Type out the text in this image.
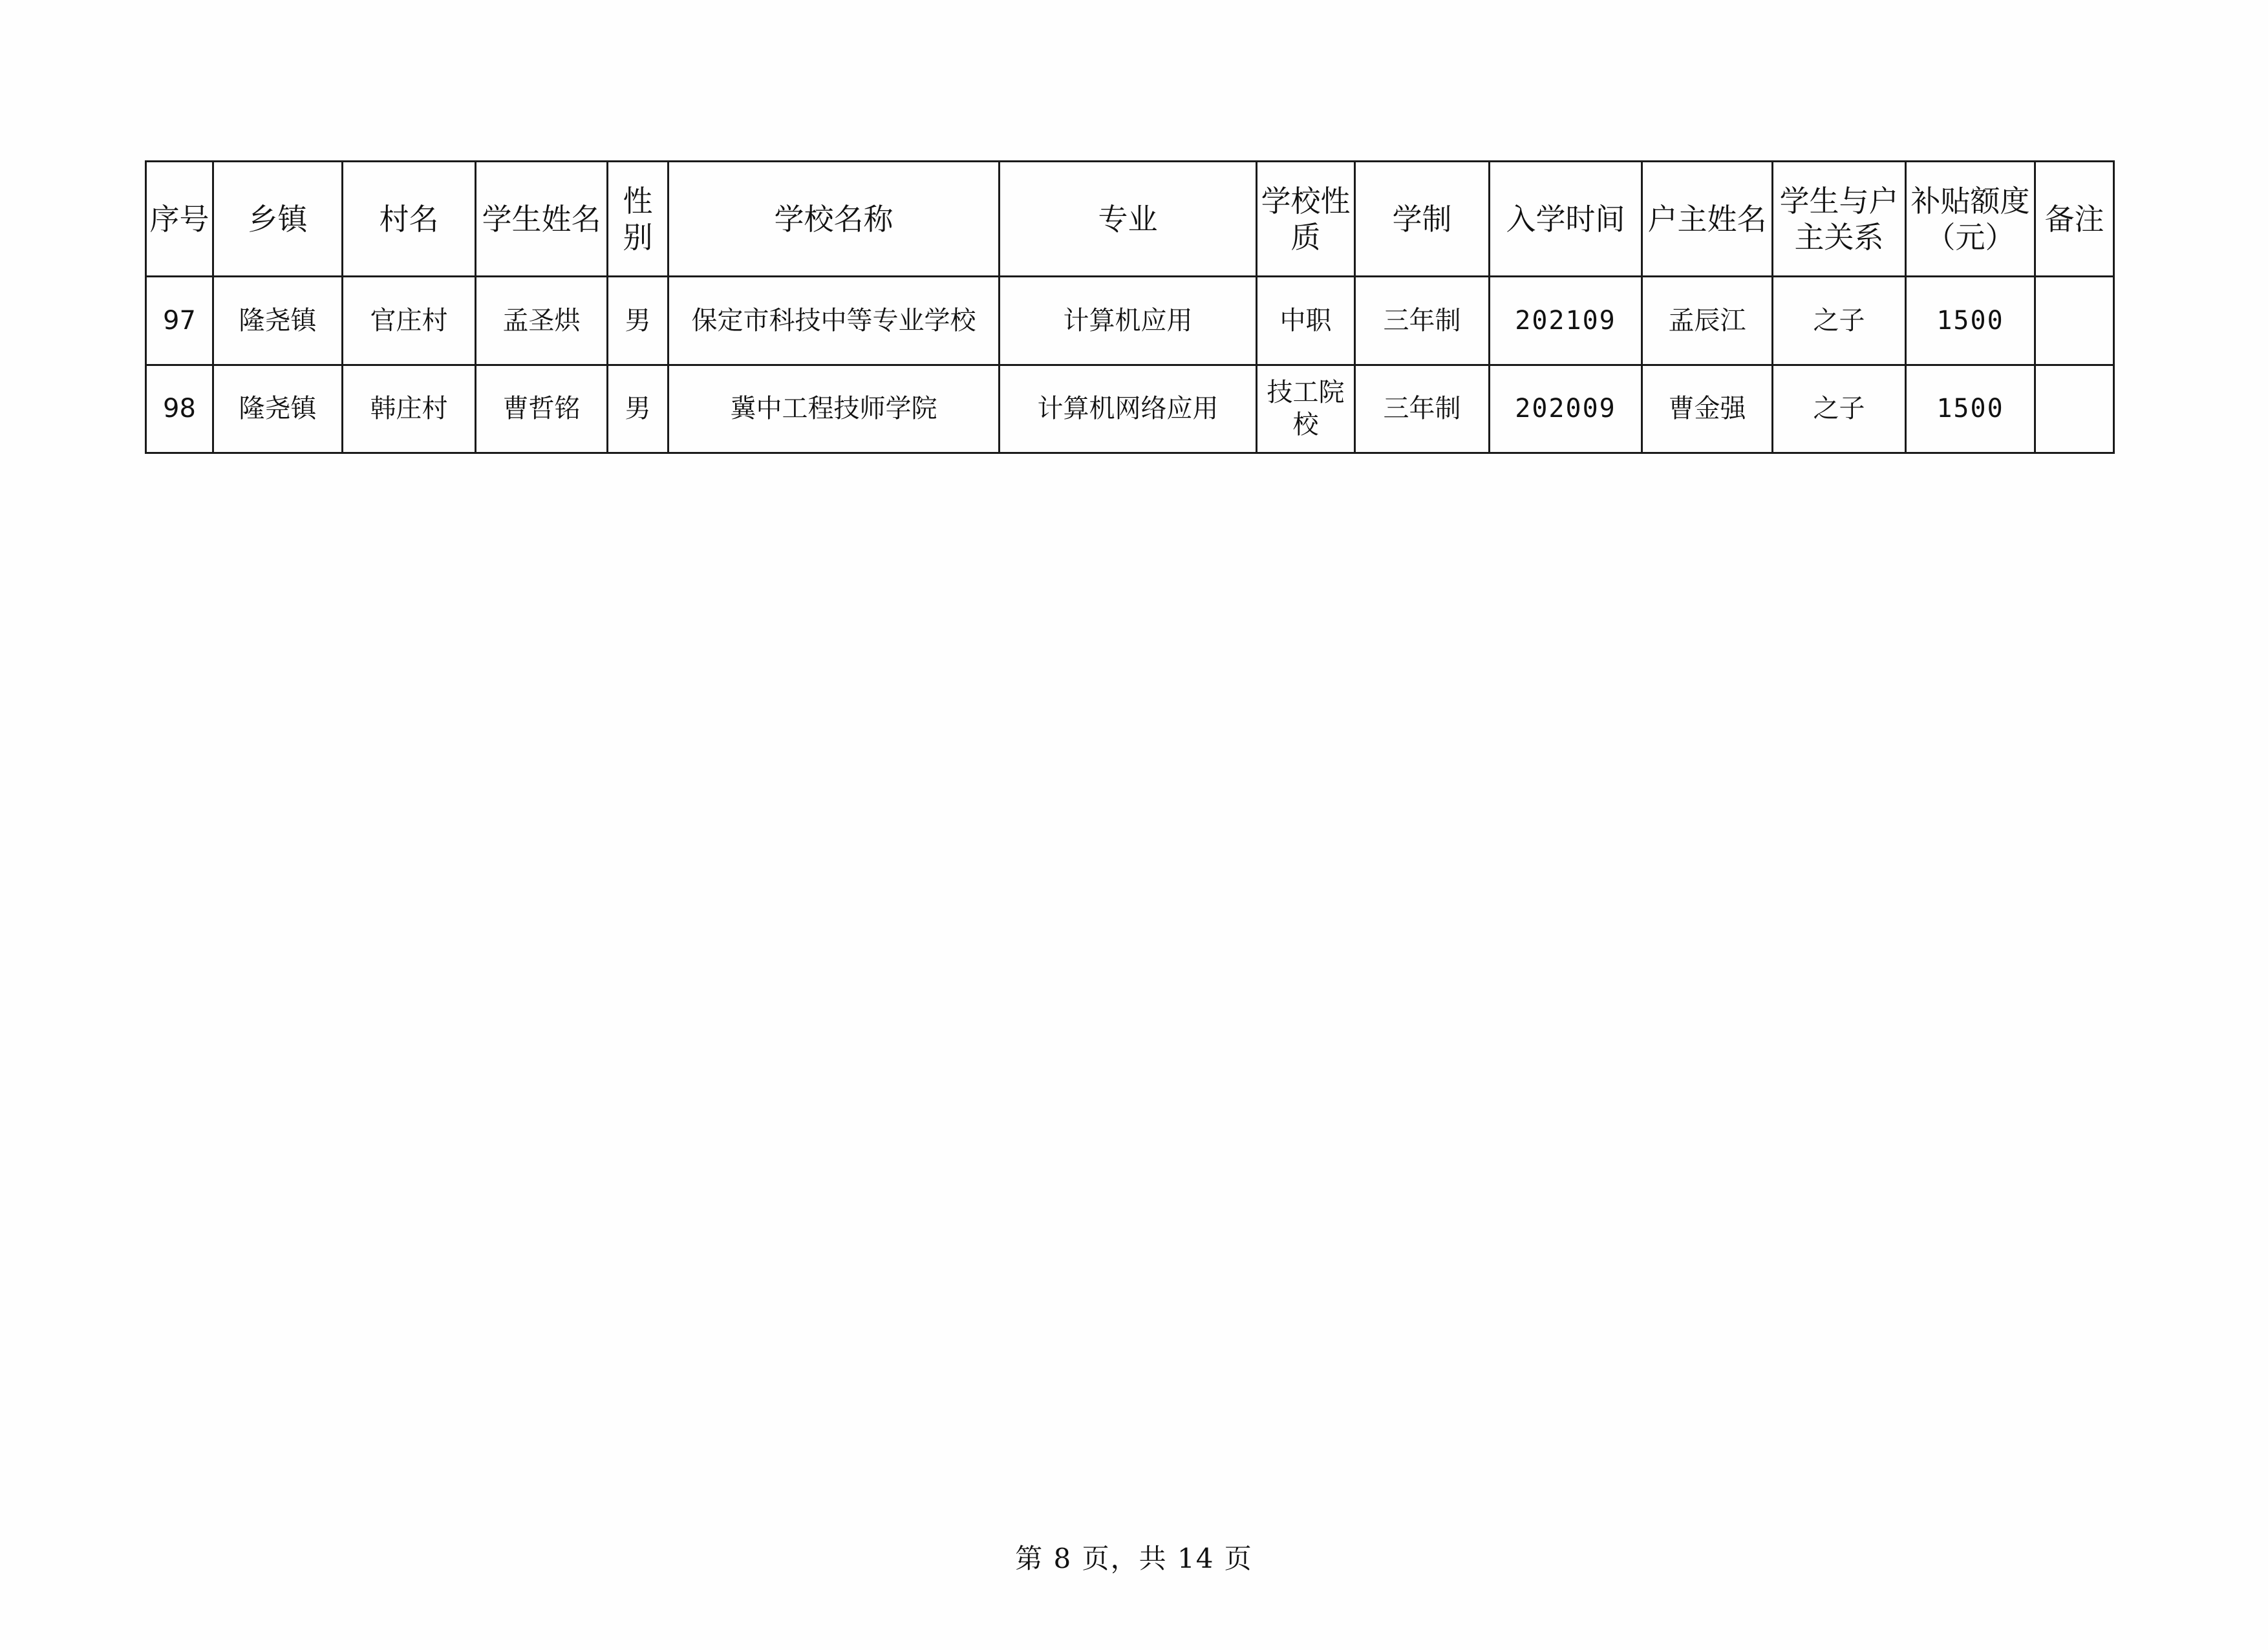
序号	乡镇	村名	学生姓名	性别	学校名称	专业	学校性质	学制	入学时间	户主姓名	学生与户主关系	补贴额度（元）	备注
97	隆尧镇	官庄村	孟圣烘	男	保定市科技中等专业学校	计算机应用	中职	三年制	202109	孟辰江	之子	1500	
98	隆尧镇	韩庄村	曹哲铭	男	冀中工程技师学院	计算机网络应用	技工院校	三年制	202009	曹金强	之子	1500	
第 8 页，共 14 页
